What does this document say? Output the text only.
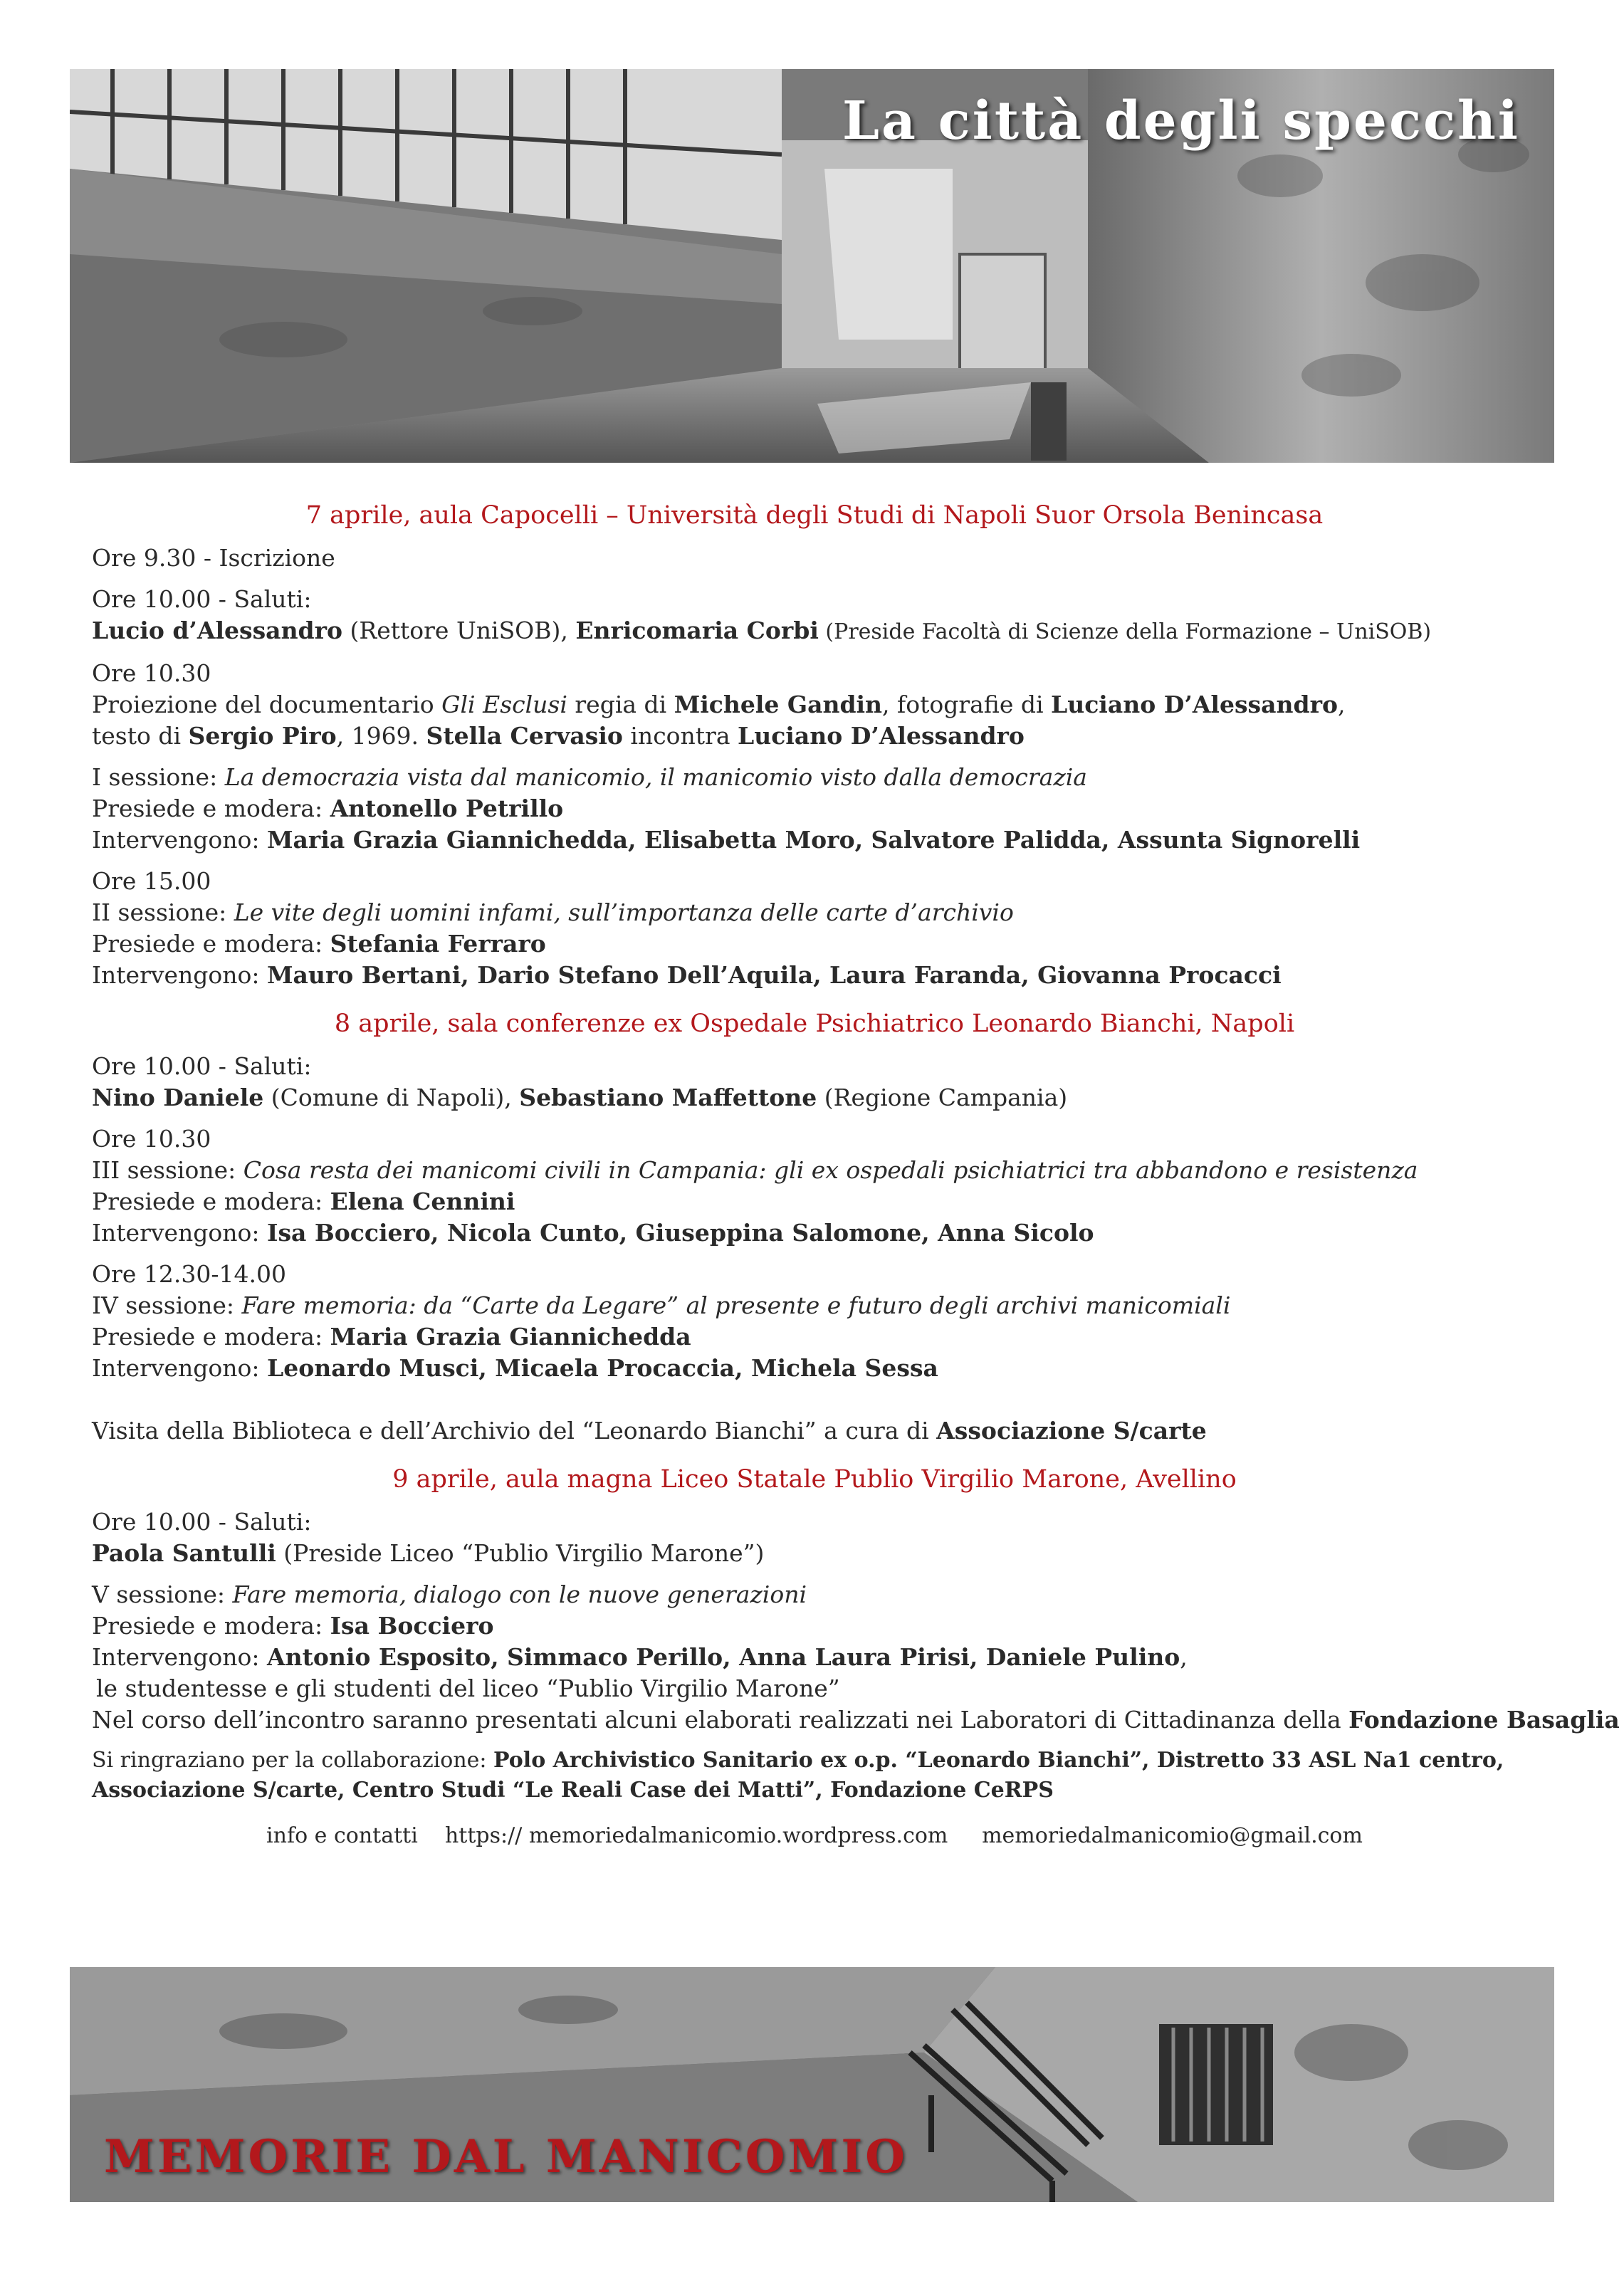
La città degli specchi
7 aprile, aula Capocelli – Università degli Studi di Napoli Suor Orsola Benincasa
Ore 9.30 - Iscrizione
Ore 10.00 - Saluti:
Lucio d’Alessandro (Rettore UniSOB), Enricomaria Corbi (Preside Facoltà di Scienze della Formazione – UniSOB)
Ore 10.30
Proiezione del documentario Gli Esclusi regia di Michele Gandin, fotografie di Luciano D’Alessandro,
testo di Sergio Piro, 1969. Stella Cervasio incontra Luciano D’Alessandro
I sessione: La democrazia vista dal manicomio, il manicomio visto dalla democrazia
Presiede e modera: Antonello Petrillo
Intervengono: Maria Grazia Giannichedda, Elisabetta Moro, Salvatore Palidda, Assunta Signorelli
Ore 15.00
II sessione: Le vite degli uomini infami, sull’importanza delle carte d’archivio
Presiede e modera: Stefania Ferraro
Intervengono: Mauro Bertani, Dario Stefano Dell’Aquila, Laura Faranda, Giovanna Procacci
8 aprile, sala conferenze ex Ospedale Psichiatrico Leonardo Bianchi, Napoli
Ore 10.00 - Saluti:
Nino Daniele (Comune di Napoli), Sebastiano Maffettone (Regione Campania)
Ore 10.30
III sessione: Cosa resta dei manicomi civili in Campania: gli ex ospedali psichiatrici tra abbandono e resistenza
Presiede e modera: Elena Cennini
Intervengono: Isa Bocciero, Nicola Cunto, Giuseppina Salomone, Anna Sicolo
Ore 12.30-14.00
IV sessione: Fare memoria: da “Carte da Legare” al presente e futuro degli archivi manicomiali
Presiede e modera: Maria Grazia Giannichedda
Intervengono: Leonardo Musci, Micaela Procaccia, Michela Sessa
Visita della Biblioteca e dell’Archivio del “Leonardo Bianchi” a cura di Associazione S/carte
9 aprile, aula magna Liceo Statale Publio Virgilio Marone, Avellino
Ore 10.00 - Saluti:
Paola Santulli (Preside Liceo “Publio Virgilio Marone”)
V sessione: Fare memoria, dialogo con le nuove generazioni
Presiede e modera: Isa Bocciero
Intervengono: Antonio Esposito, Simmaco Perillo, Anna Laura Pirisi, Daniele Pulino,
le studentesse e gli studenti del liceo “Publio Virgilio Marone”
Nel corso dell’incontro saranno presentati alcuni elaborati realizzati nei Laboratori di Cittadinanza della Fondazione Basaglia
Si ringraziano per la collaborazione: Polo Archivistico Sanitario ex o.p. “Leonardo Bianchi”, Distretto 33 ASL Na1 centro,
Associazione S/carte, Centro Studi “Le Reali Case dei Matti”, Fondazione CeRPS
info e contatti https:// memoriedalmanicomio.wordpress.com memoriedalmanicomio@gmail.com
MEMORIE DAL MANICOMIO
